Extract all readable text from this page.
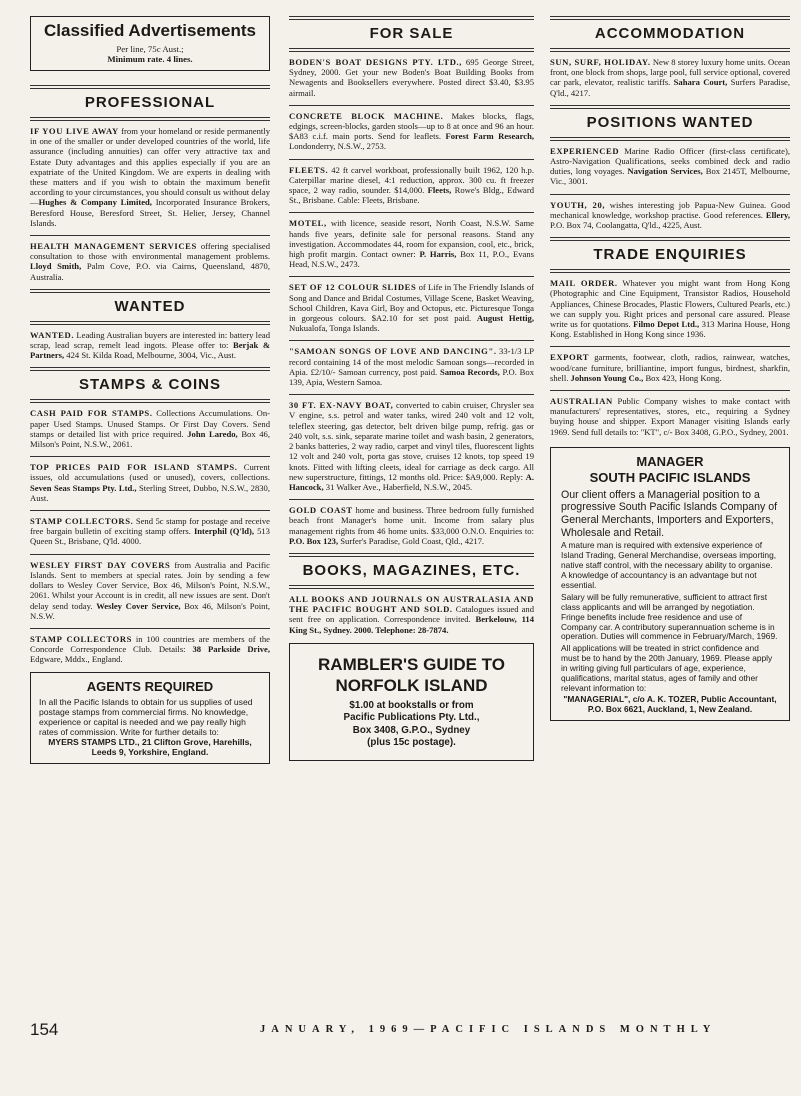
Classified Advertisements
Per line, 75c Aust.;
Minimum rate. 4 lines.
PROFESSIONAL

IF YOU LIVE AWAY from your homeland or reside permanently in one of the smaller or under developed countries of the world, life assurance (including annuities) can offer very attractive tax and Estate Duty advantages and this applies especially if you are an expatriate of the United Kingdom. We are experts in dealing with these matters and if you wish to obtain the maximum benefit according to your circumstances, you should consult us without delay—Hughes & Company Limited, Incorporated Insurance Brokers, Beresford House, Beresford Street, St. Helier, Jersey, Channel Islands.

HEALTH MANAGEMENT SERVICES offering specialised consultation to those with environmental management problems. Lloyd Smith, Palm Cove, P.O. via Cairns, Queensland, 4870, Australia.

WANTED

WANTED. Leading Australian buyers are interested in: battery lead scrap, lead scrap, remelt lead ingots. Please offer to: Berjak & Partners, 424 St. Kilda Road, Melbourne, 3004, Vic., Aust.

STAMPS & COINS

CASH PAID FOR STAMPS. Collections Accumulations. On-paper Used Stamps. Unused Stamps. Or First Day Covers. Send stamps or detailed list with price required. John Laredo, Box 46, Milson's Point, N.S.W., 2061.

TOP PRICES PAID FOR ISLAND STAMPS. Current issues, old accumulations (used or unused), covers, collections. Seven Seas Stamps Pty. Ltd., Sterling Street, Dubbo, N.S.W., 2830, Aust.

STAMP COLLECTORS. Send 5c stamp for postage and receive free bargain bulletin of exciting stamp offers. Interphil (Q'ld), 513 Queen St., Brisbane, Q'ld. 4000.

WESLEY FIRST DAY COVERS from Australia and Pacific Islands. Sent to members at special rates. Join by sending a few dollars to Wesley Cover Service, Box 46, Milson's Point, N.S.W., 2061. Whilst your Account is in credit, all new issues are sent. Don't delay send today. Wesley Cover Service, Box 46, Milson's Point, N.S.W.

STAMP COLLECTORS in 100 countries are members of the Concorde Correspondence Club. Details: 38 Parkside Drive, Edgware, Mddx., England.

AGENTS REQUIRED
In all the Pacific Islands to obtain for us supplies of used postage stamps from commercial firms. No knowledge, experience or capital is needed and we pay really high rates of commission. Write for further details to:
MYERS STAMPS LTD., 21 Clifton Grove, Harehills, Leeds 9, Yorkshire, England.
FOR SALE

BODEN'S BOAT DESIGNS PTY. LTD., 695 George Street, Sydney, 2000. Get your new Boden's Boat Building Books from Newagents and Booksellers everywhere. Posted direct $3.40, $3.95 airmail.

CONCRETE BLOCK MACHINE. Makes blocks, flags, edgings, screen-blocks, garden stools—up to 8 at once and 96 an hour. $A83 c.i.f. main ports. Send for leaflets. Forest Farm Research, Londonderry, N.S.W., 2753.

FLEETS. 42 ft carvel workboat, professionally built 1962, 120 h.p. Caterpillar marine diesel, 4:1 reduction, approx. 300 cu. ft freezer space, 2 way radio, sounder. $14,000. Fleets, Rowe's Bldg., Edward St., Brisbane. Cable: Fleets, Brisbane.

MOTEL, with licence, seaside resort, North Coast, N.S.W. Same hands five years, definite sale for personal reasons. Stand any investigation. Accommodates 44, room for expansion, cool, etc., brick, high profit margin. Contact owner: P. Harris, Box 11, P.O., Evans Head, N.S.W., 2473.

SET OF 12 COLOUR SLIDES of Life in The Friendly Islands of Song and Dance and Bridal Costumes, Village Scene, Basket Weaving, School Children, Kava Girl, Boy and Octopus, etc. Picturesque Tonga in gorgeous colours. $A2.10 for set post paid. August Hettig, Nukualofa, Tonga Islands.

"SAMOAN SONGS OF LOVE AND DANCING". 33-1/3 LP record containing 14 of the most melodic Samoan songs—recorded in Apia. £2/10/- Samoan currency, post paid. Samoa Records, P.O. Box 139, Apia, Western Samoa.

30 FT. EX-NAVY BOAT, converted to cabin cruiser, Chrysler sea V engine, s.s. petrol and water tanks, wired 240 volt and 12 volt, teleflex steering, gas detector, belt driven bilge pump, refrig. gas or 240 volt, s.s. sink, separate marine toilet and wash basin, 2 generators, 2 banks batteries, 2 way radio, carpet and vinyl tiles, fluorescent lights 12 volt and 240 volt, porta gas stove, cruises 12 knots, top speed 19 knots. Fitted with lifting cleets, ideal for carriage as deck cargo. All new superstructure, fittings, 12 months old. Price: $A9,000. Reply: A. Hancock, 31 Walker Ave., Haberfield, N.S.W., 2045.

GOLD COAST home and business. Three bedroom fully furnished beach front Manager's home unit. Income from salary plus management rights from 46 home units. $33,000 O.N.O. Enquiries to: P.O. Box 123, Surfer's Paradise, Gold Coast, Qld., 4217.

BOOKS, MAGAZINES, ETC.

ALL BOOKS AND JOURNALS ON AUSTRALASIA AND THE PACIFIC BOUGHT AND SOLD. Catalogues issued and sent free on application. Correspondence invited. Berkelouw, 114 King St., Sydney. 2000. Telephone: 28-7874.

RAMBLER'S GUIDE TO
NORFOLK ISLAND
$1.00 at bookstalls or from
Pacific Publications Pty. Ltd.,
Box 3408, G.P.O., Sydney
(plus 15c postage).
ACCOMMODATION

SUN, SURF, HOLIDAY. New 8 storey luxury home units. Ocean front, one block from shops, large pool, full service optional, covered car park, elevator, realistic tariffs. Sahara Court, Surfers Paradise, Q'ld., 4217.

POSITIONS WANTED

EXPERIENCED Marine Radio Officer (first-class certificate), Astro-Navigation Qualifications, seeks combined deck and radio duties, long voyages. Navigation Services, Box 2145T, Melbourne, Vic., 3001.

YOUTH, 20, wishes interesting job Papua-New Guinea. Good mechanical knowledge, workshop practise. Good references. Ellery, P.O. Box 74, Coolangatta, Q'ld., 4225, Aust.

TRADE ENQUIRIES

MAIL ORDER. Whatever you might want from Hong Kong (Photographic and Cine Equipment, Transistor Radios, Household Appliances, Chinese Brocades, Plastic Flowers, Cultured Pearls, etc.) we can supply you. Right prices and personal care assured. Please write us for quotations. Filmo Depot Ltd., 313 Marina House, Hong Kong. Established in Hong Kong since 1936.

EXPORT garments, footwear, cloth, radios, rainwear, watches, wood/cane furniture, brilliantine, import fungus, birdnest, sharkfin, shell. Johnson Young Co., Box 423, Hong Kong.

AUSTRALIAN Public Company wishes to make contact with manufacturers' representatives, stores, etc., requiring a Sydney buying house and shipper. Export Manager visiting Islands early 1969. Send full details to: "KT", c/- Box 3408, G.P.O., Sydney, 2001.

MANAGER
SOUTH PACIFIC ISLANDS
Our client offers a Managerial position to a progressive South Pacific Islands Company of General Merchants, Importers and Exporters, Wholesale and Retail.
A mature man is required with extensive experience of Island Trading, General Merchandise, overseas importing, native staff control, with the necessary ability to organise. A knowledge of accountancy is an advantage but not essential.
Salary will be fully remunerative, sufficient to attract first class applicants and will be arranged by negotiation. Fringe benefits include free residence and use of Company car. A contributory superannuation scheme is in operation. Duties will commence in February/March, 1969.
All applications will be treated in strict confidence and must be to hand by the 20th January, 1969. Please apply in writing giving full particulars of age, experience, qualifications, marital status, ages of family and other relevant information to:
"MANAGERIAL", c/o A. K. TOZER, Public Accountant, P.O. Box 6621, Auckland, 1, New Zealand.
154	JANUARY, 1969—PACIFIC ISLANDS MONTHLY
